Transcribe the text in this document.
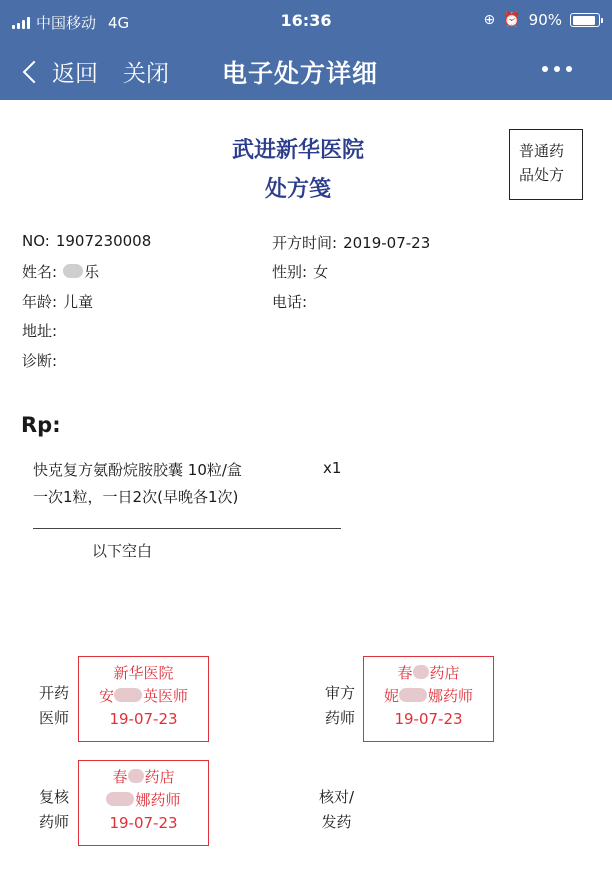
中国移动 4G	16:36	⊕ ⏰ 90%
返回 关闭 电子处方详细
武进新华医院
处方笺
普通药
品处方
NO: 1907230008	开方时间: 2019-07-23
姓名: 乐	性别: 女
年龄: 儿童	电话:
地址:
诊断:
Rp:
快克复方氨酚烷胺胶囊 10粒/盒	x1
一次1粒，一日2次(早晚各1次)
以下空白
开药
医师
新华医院
安 英医师
19-07-23
审方
药师
春 药店
妮 娜药师
19-07-23
复核
药师
春 药店
娜药师
19-07-23
核对/
发药
